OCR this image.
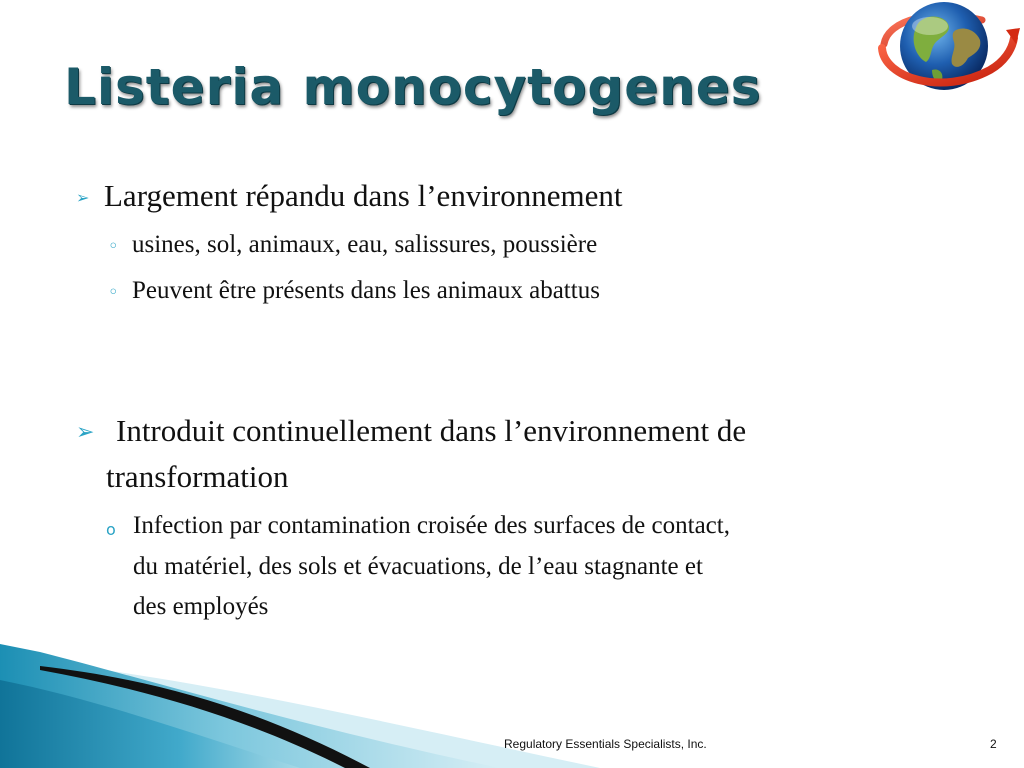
Listeria monocytogenes
➢ Largement répandu dans l’environnement
◦ usines, sol, animaux, eau, salissures, poussière
◦ Peuvent être présents dans les animaux abattus
➢ Introduit continuellement dans l’environnement de
transformation
o Infection par contamination croisée des surfaces de contact,
du matériel, des sols et évacuations, de l’eau stagnante et
des employés
Regulatory Essentials Specialists, Inc.	2
